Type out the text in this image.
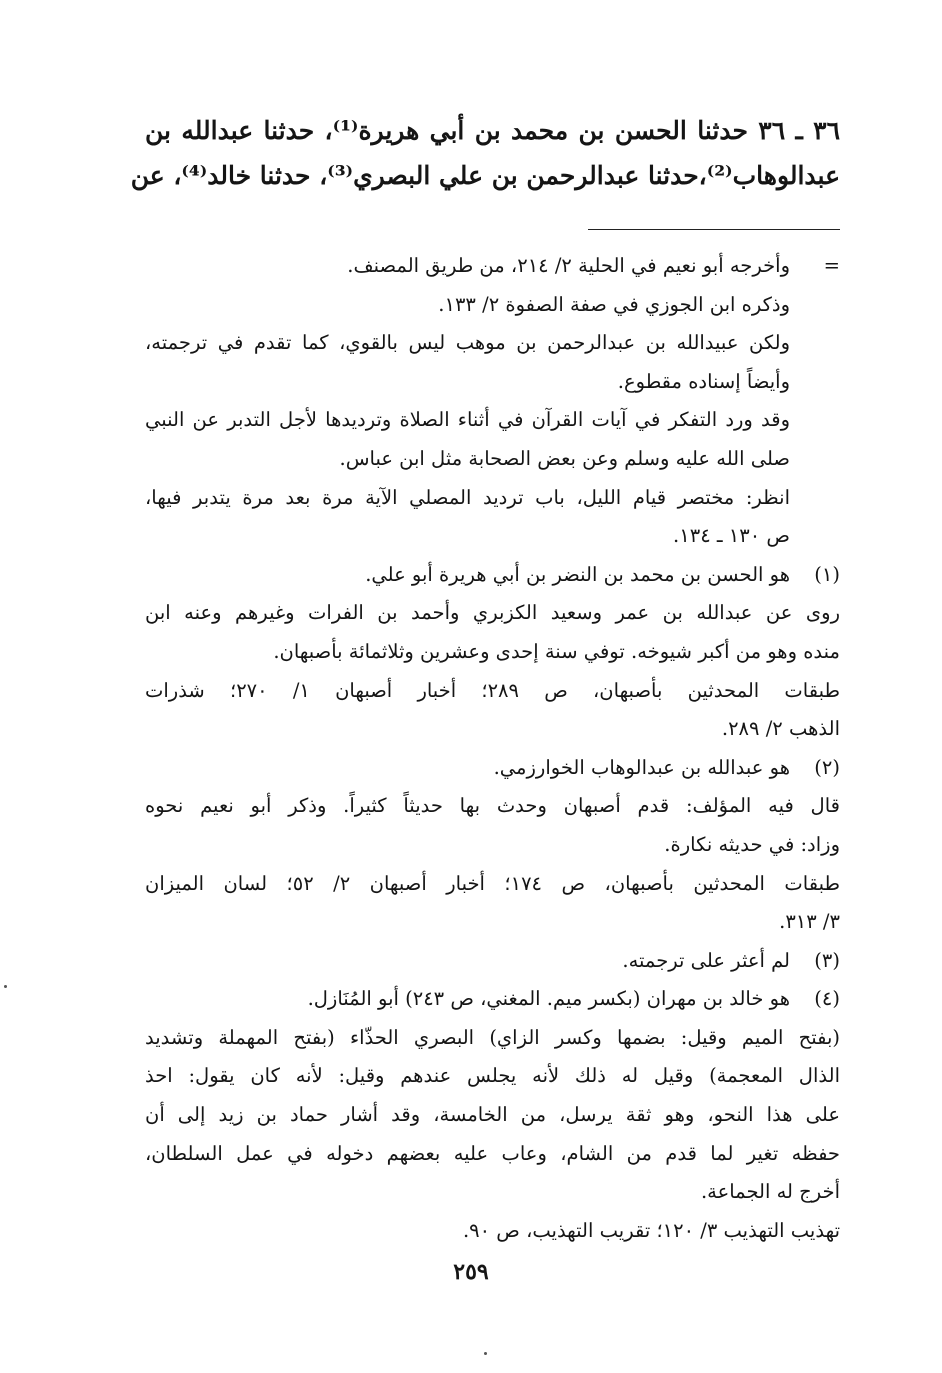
٣٦ ـ ٣٦ حدثنا الحسن بن محمد بن أبي هريرة⁽¹⁾، حدثنا عبدالله بن

عبدالوهاب⁽²⁾،حدثنا عبدالرحمن بن علي البصري⁽³⁾، حدثنا خالد⁽⁴⁾، عن

=
وأخرجه أبو نعيم في الحلية ٢/ ٢١٤، من طريق المصنف.
وذكره ابن الجوزي في صفة الصفوة ٢/ ١٣٣.
ولكن عبيدالله بن عبدالرحمن بن موهب ليس بالقوي، كما تقدم في ترجمته،
وأيضاً إسناده مقطوع.
وقد ورد التفكر في آيات القرآن في أثناء الصلاة وترديدها لأجل التدبر عن النبي
صلى الله عليه وسلم وعن بعض الصحابة مثل ابن عباس.
انظر: مختصر قيام الليل، باب ترديد المصلي الآية مرة بعد مرة يتدبر فيها،
ص ١٣٠ ـ ١٣٤.
(١)
هو الحسن بن محمد بن النضر بن أبي هريرة أبو علي.
روى عن عبدالله بن عمر وسعيد الكزبري وأحمد بن الفرات وغيرهم وعنه ابن
منده وهو من أكبر شيوخه. توفي سنة إحدى وعشرين وثلاثمائة بأصبهان.
طبقات المحدثين بأصبهان، ص ٢٨٩؛ أخبار أصبهان ١/ ٢٧٠؛ شذرات
الذهب ٢/ ٢٨٩.
(٢)
هو عبدالله بن عبدالوهاب الخوارزمي.
قال فيه المؤلف: قدم أصبهان وحدث بها حديثاً كثيراً. وذكر أبو نعيم نحوه
وزاد: في حديثه نكارة.
طبقات المحدثين بأصبهان، ص ١٧٤؛ أخبار أصبهان ٢/ ٥٢؛ لسان الميزان
٣/ ٣١٣.
(٣)
لم أعثر على ترجمته.
(٤)
هو خالد بن مهران (بكسر ميم. المغني، ص ٢٤٣) أبو المُنَازل.
(بفتح الميم وقيل: بضمها وكسر الزاي) البصري الحذّاء (بفتح المهملة وتشديد
الذال المعجمة) وقيل له ذلك لأنه يجلس عندهم وقيل: لأنه كان يقول: احذ
على هذا النحو، وهو ثقة يرسل، من الخامسة، وقد أشار حماد بن زيد إلى أن
حفظه تغير لما قدم من الشام، وعاب عليه بعضهم دخوله في عمل السلطان،
أخرج له الجماعة.
تهذيب التهذيب ٣/ ١٢٠؛ تقريب التهذيب، ص ٩٠.
٢٥٩
